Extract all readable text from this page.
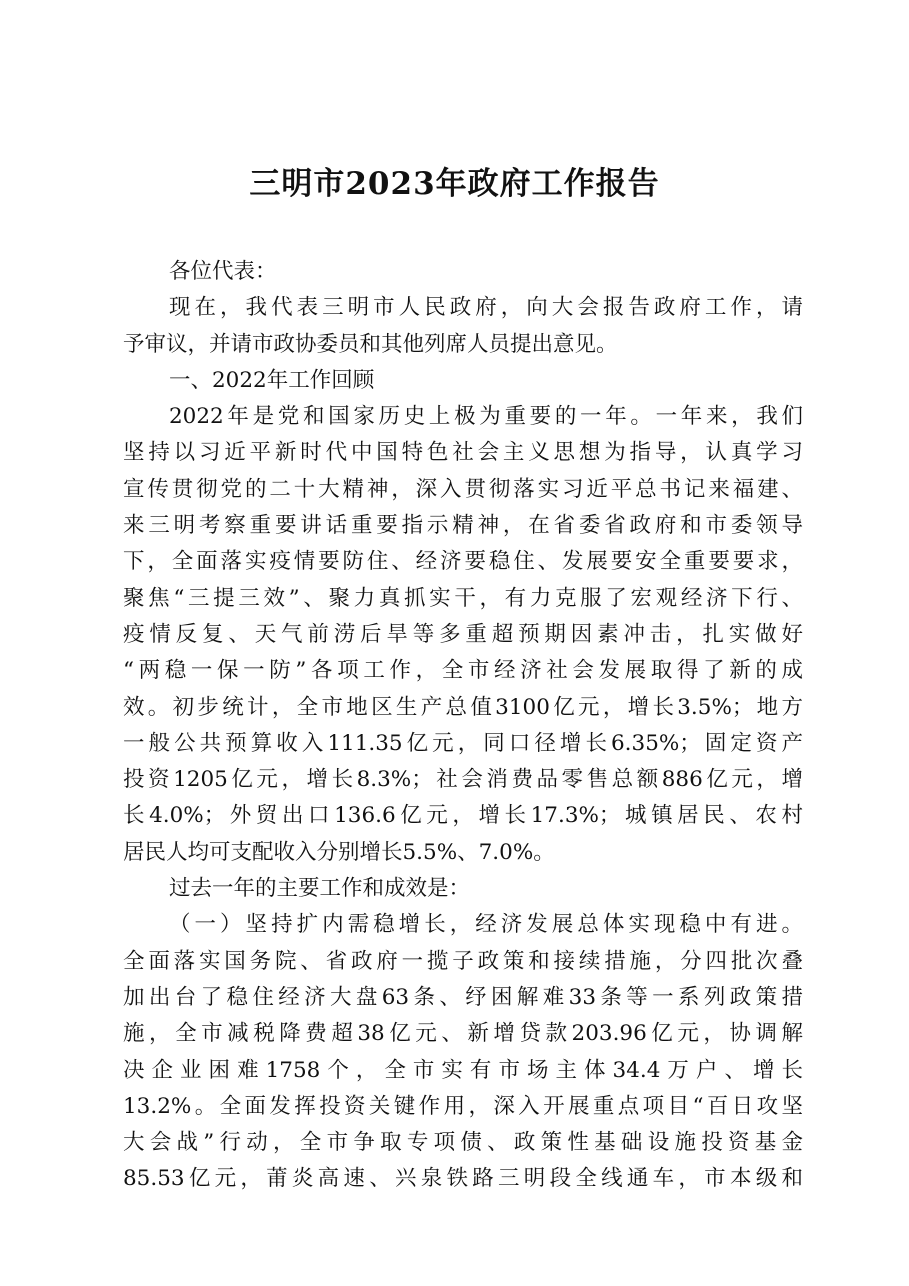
三明市2023年政府工作报告
各位代表：
现在，我代表三明市人民政府，向大会报告政府工作，请
予审议，并请市政协委员和其他列席人员提出意见。
一、2022年工作回顾
2022年是党和国家历史上极为重要的一年。一年来，我们
坚持以习近平新时代中国特色社会主义思想为指导，认真学习
宣传贯彻党的二十大精神，深入贯彻落实习近平总书记来福建、
来三明考察重要讲话重要指示精神，在省委省政府和市委领导
下，全面落实疫情要防住、经济要稳住、发展要安全重要要求，
聚焦“三提三效”、聚力真抓实干，有力克服了宏观经济下行、
疫情反复、天气前涝后旱等多重超预期因素冲击，扎实做好
“两稳一保一防”各项工作，全市经济社会发展取得了新的成
效。初步统计，全市地区生产总值3100亿元，增长3.5%；地方
一般公共预算收入111.35亿元，同口径增长6.35%；固定资产
投资1205亿元，增长8.3%；社会消费品零售总额886亿元，增
长4.0%；外贸出口136.6亿元，增长17.3%；城镇居民、农村
居民人均可支配收入分别增长5.5%、7.0%。
过去一年的主要工作和成效是：
（一）坚持扩内需稳增长，经济发展总体实现稳中有进。
全面落实国务院、省政府一揽子政策和接续措施，分四批次叠
加出台了稳住经济大盘63条、纾困解难33条等一系列政策措
施，全市减税降费超38亿元、新增贷款203.96亿元，协调解
决企业困难1758个，全市实有市场主体34.4万户、增长
13.2%。全面发挥投资关键作用，深入开展重点项目“百日攻坚
大会战”行动，全市争取专项债、政策性基础设施投资基金
85.53亿元，莆炎高速、兴泉铁路三明段全线通车，市本级和
